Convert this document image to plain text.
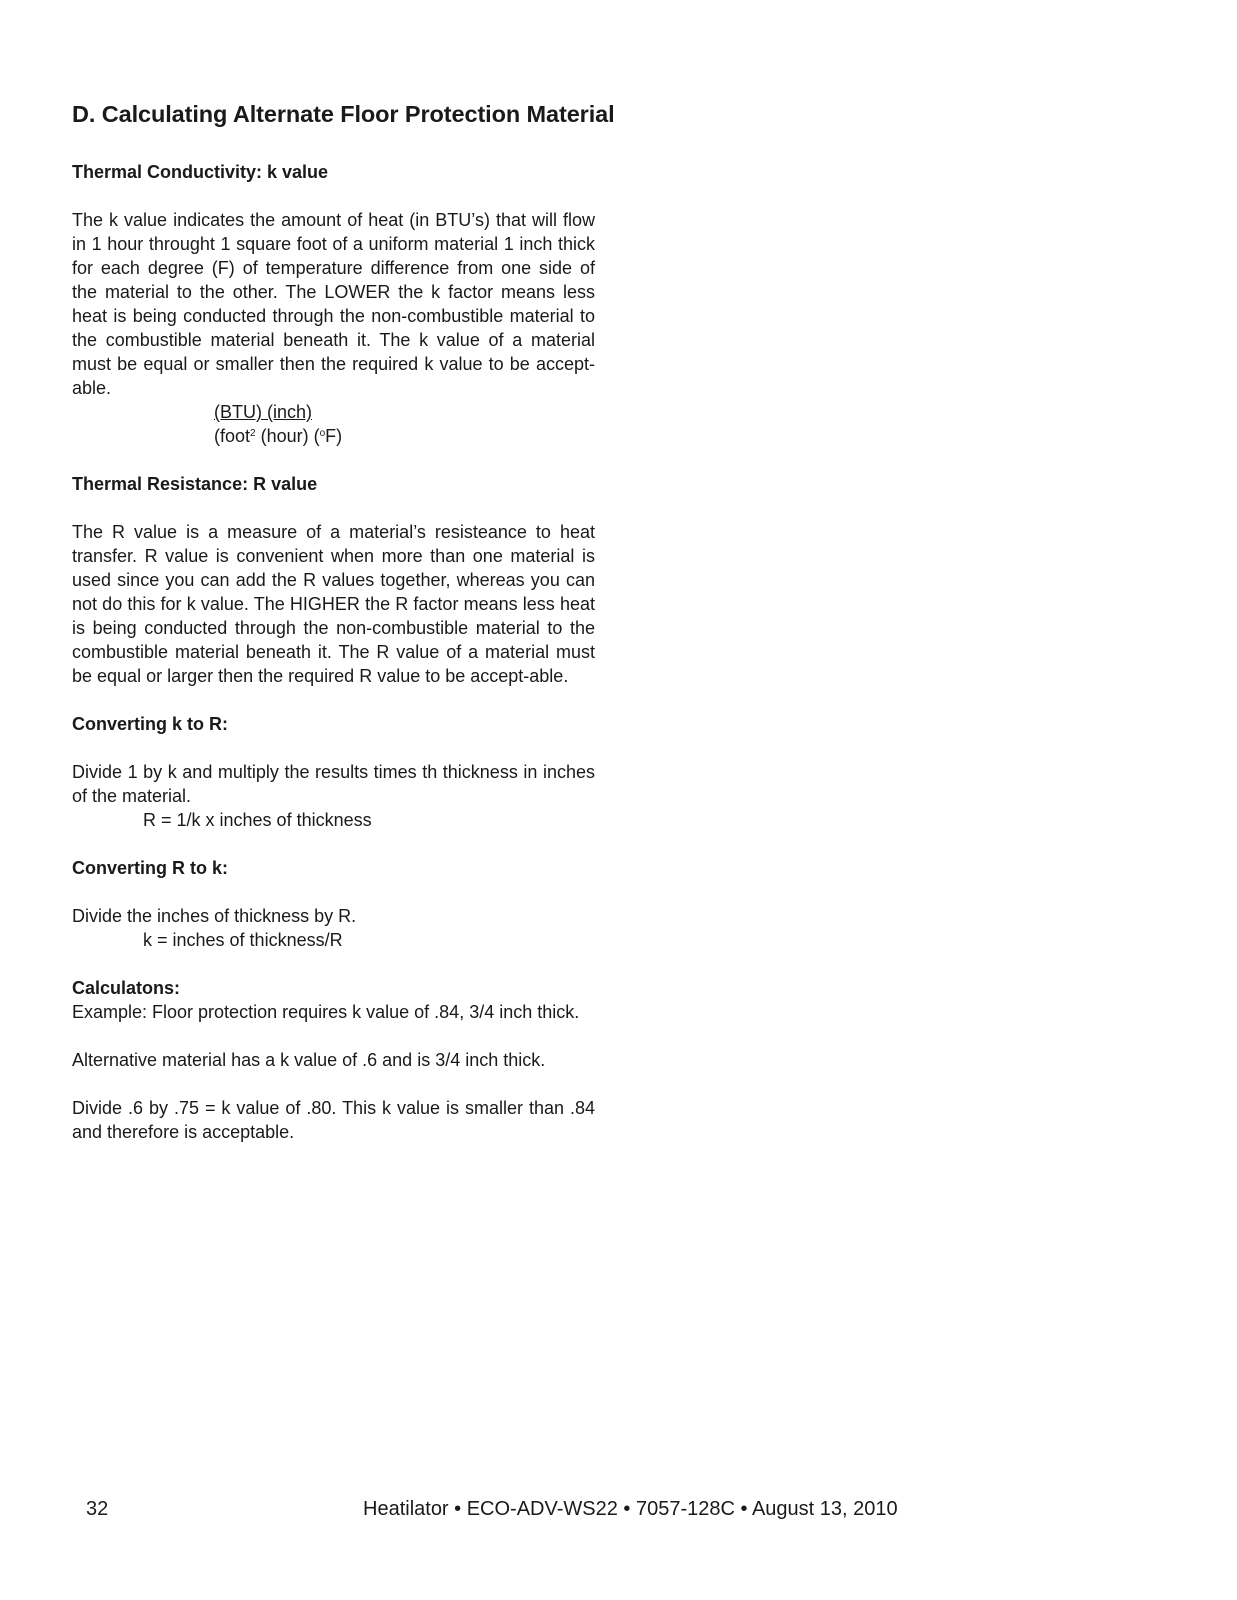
D. Calculating Alternate Floor Protection Material
Thermal Conductivity: k value

The k value indicates the amount of heat (in BTU’s) that will flow in 1 hour throught 1 square foot of a uniform material 1 inch thick for each degree (F) of temperature difference from one side of the material to the other. The LOWER the k factor means less heat is being conducted through the non-combustible material to the combustible material beneath it. The k value of a material must be equal or smaller then the required k value to be accept-able.

(BTU) (inch)
(foot$^2$ (hour) ($^o$F)
Thermal Resistance: R value

The R value is a measure of a material’s resisteance to heat transfer. R value is convenient when more than one material is used since you can add the R values together, whereas you can not do this for k value. The HIGHER the R factor means less heat is being conducted through the non-combustible material to the combustible material beneath it. The R value of a material must be equal or larger then the required R value to be accept-able.

Converting k to R:

Divide 1 by k and multiply the results times th thickness in inches of the material.

R = 1/k x inches of thickness
Converting R to k:

Divide the inches of thickness by R.

k = inches of thickness/R
Calculatons:

Example: Floor protection requires k value of .84, 3/4 inch thick.

Alternative material has a k value of .6 and is 3/4 inch thick.

Divide .6 by .75 = k value of .80. This k value is smaller than .84 and therefore is acceptable.

32	Heatilator • ECO-ADV-WS22 • 7057-128C • August 13, 2010
